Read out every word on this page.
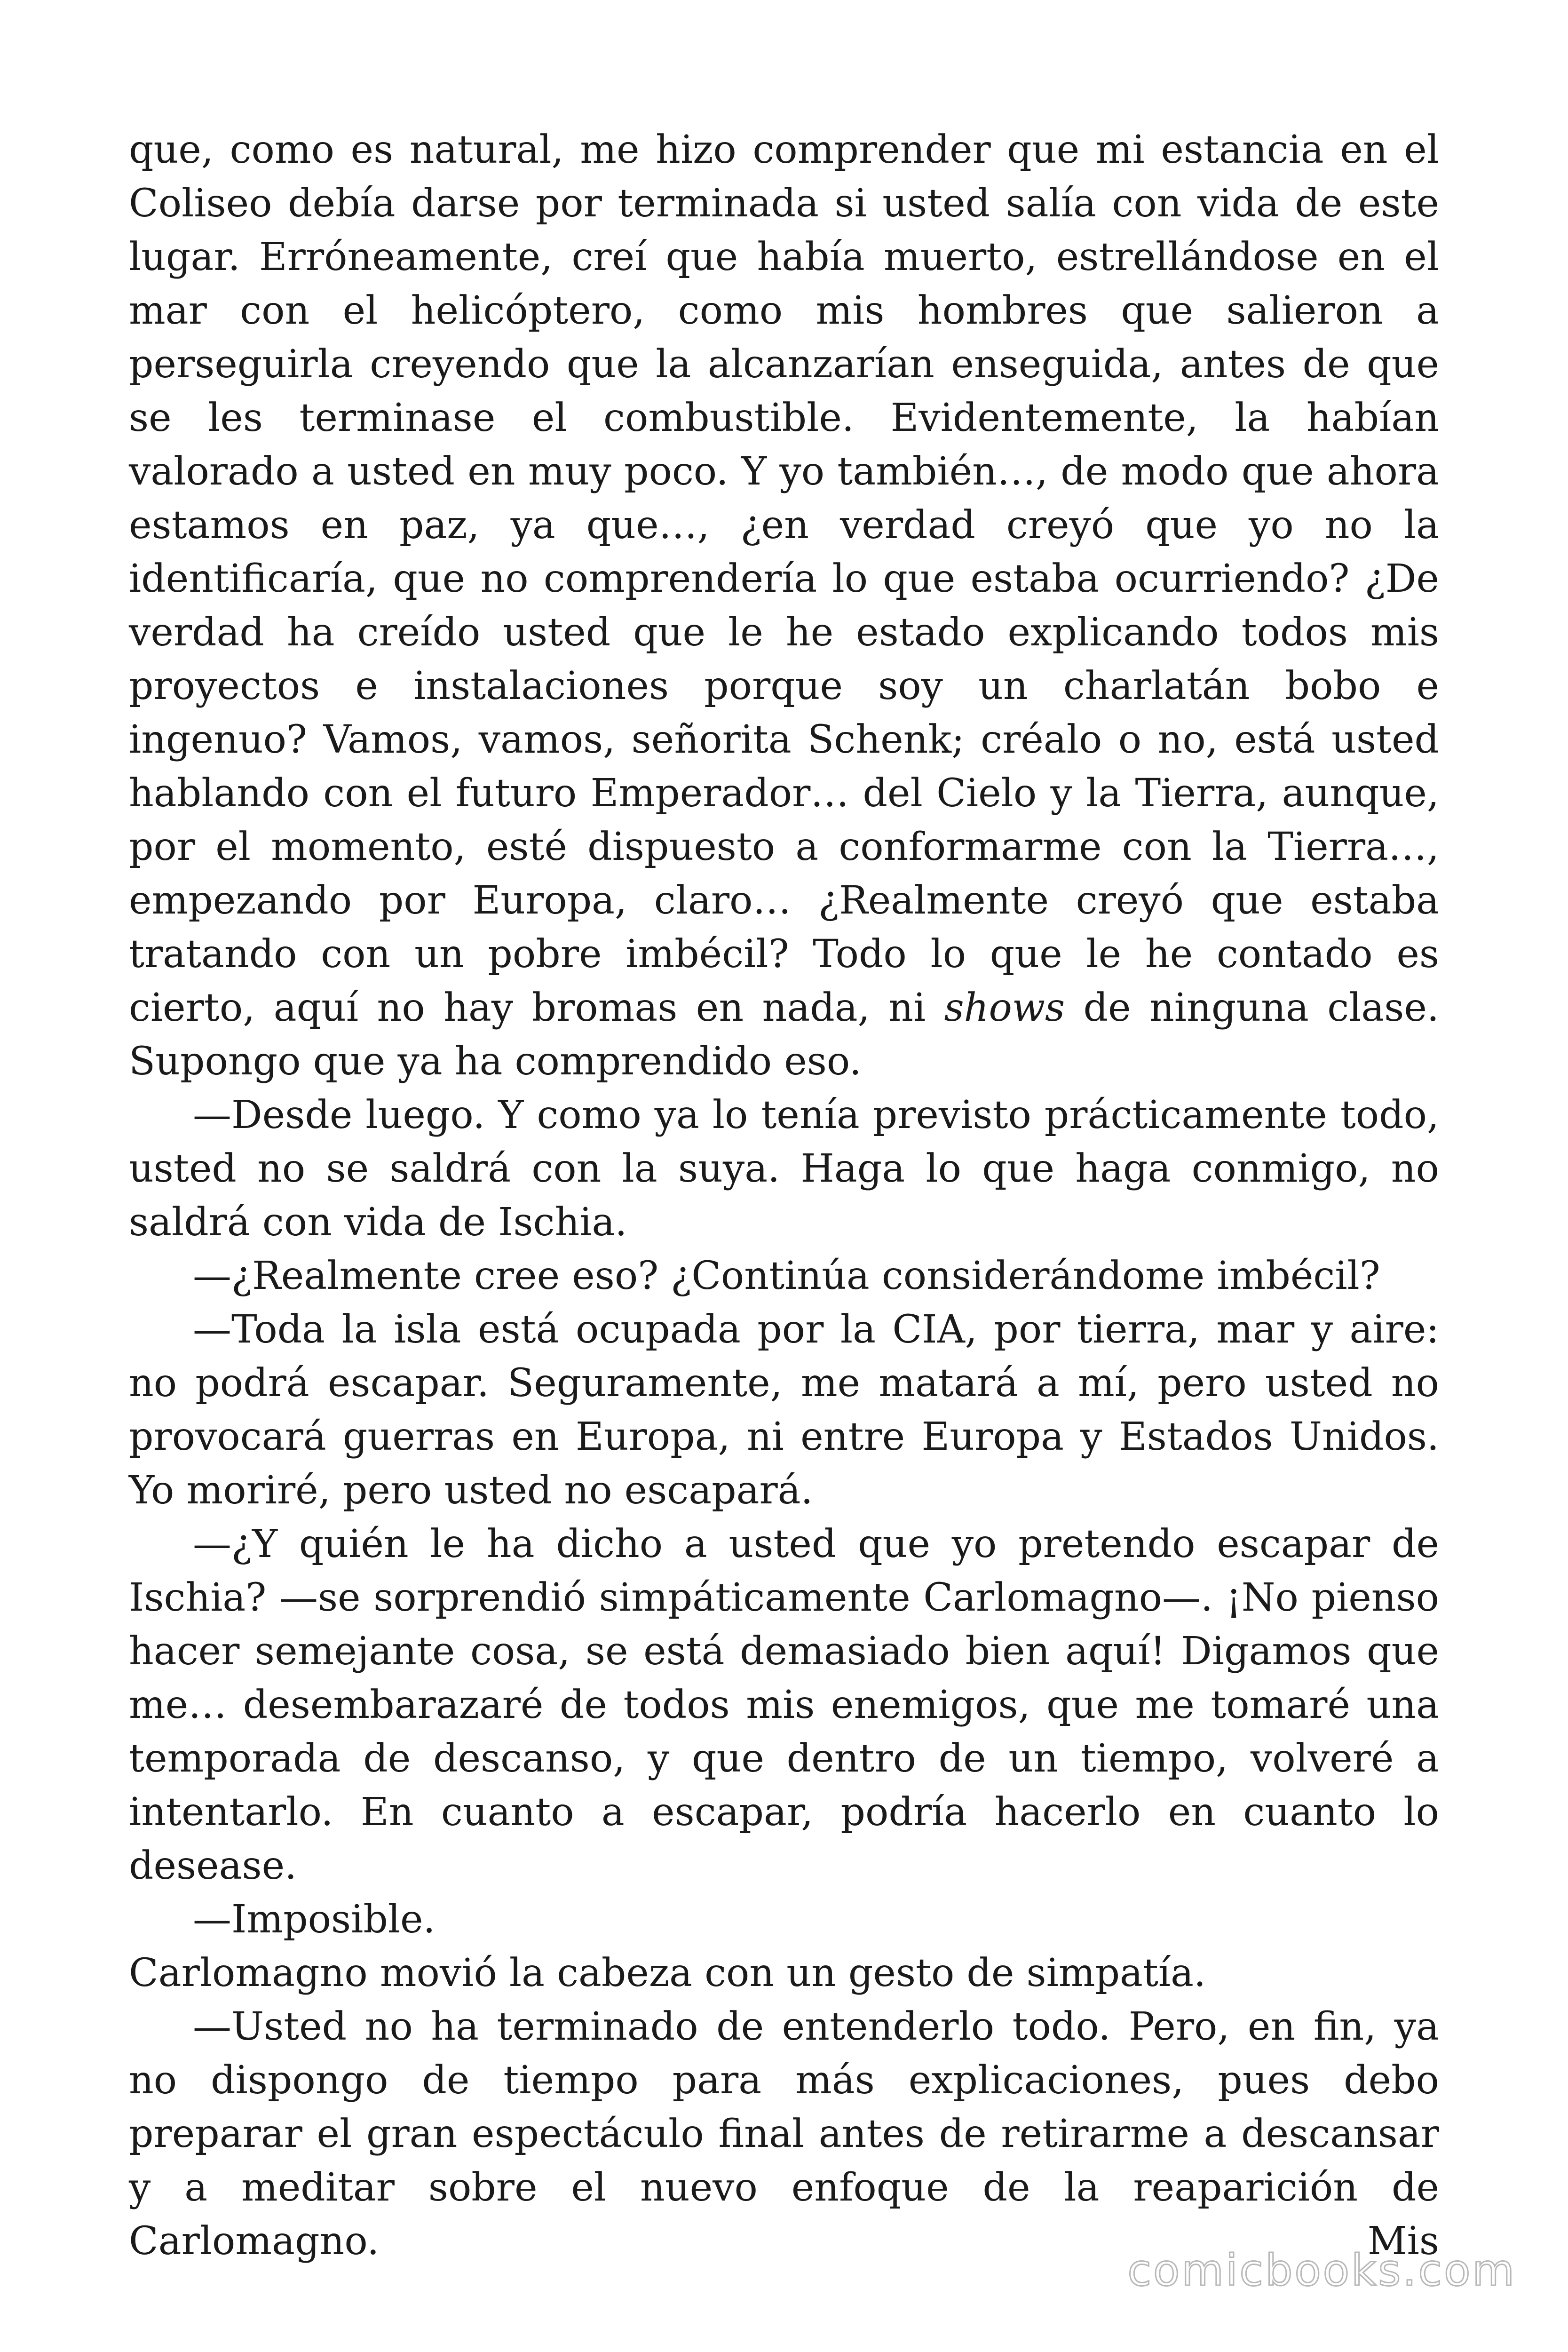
que, como es natural, me hizo comprender que mi estancia en el Coliseo debía darse por terminada si usted salía con vida de este lugar. Erróneamente, creí que había muerto, estrellándose en el mar con el helicóptero, como mis hombres que salieron a perseguirla creyendo que la alcanzarían enseguida, antes de que se les terminase el combustible. Evidentemente, la habían valorado a usted en muy poco. Y yo también…, de modo que ahora estamos en paz, ya que…, ¿en verdad creyó que yo no la identificaría, que no comprendería lo que estaba ocurriendo? ¿De verdad ha creído usted que le he estado explicando todos mis proyectos e instalaciones porque soy un charlatán bobo e ingenuo? Vamos, vamos, señorita Schenk; créalo o no, está usted hablando con el futuro Emperador… del Cielo y la Tierra, aunque, por el momento, esté dispuesto a conformarme con la Tierra…, empezando por Europa, claro… ¿Realmente creyó que estaba tratando con un pobre imbécil? Todo lo que le he contado es cierto, aquí no hay bromas en nada, ni shows de ninguna clase. Supongo que ya ha comprendido eso.

—Desde luego. Y como ya lo tenía previsto prácticamente todo, usted no se saldrá con la suya. Haga lo que haga conmigo, no saldrá con vida de Ischia.

—¿Realmente cree eso? ¿Continúa considerándome imbécil?

—Toda la isla está ocupada por la CIA, por tierra, mar y aire: no podrá escapar. Seguramente, me matará a mí, pero usted no provocará guerras en Europa, ni entre Europa y Estados Unidos. Yo moriré, pero usted no escapará.

—¿Y quién le ha dicho a usted que yo pretendo escapar de Ischia? —se sorprendió simpáticamente Carlomagno—. ¡No pienso hacer semejante cosa, se está demasiado bien aquí! Digamos que me… desembarazaré de todos mis enemigos, que me tomaré una temporada de descanso, y que dentro de un tiempo, volveré a intentarlo. En cuanto a escapar, podría hacerlo en cuanto lo desease.

—Imposible.

Carlomagno movió la cabeza con un gesto de simpatía.

—Usted no ha terminado de entenderlo todo. Pero, en fin, ya no dispongo de tiempo para más explicaciones, pues debo preparar el gran espectáculo final antes de retirarme a descansar y a meditar sobre el nuevo enfoque de la reaparición de Carlomagno. Mis

comicbooks.com
